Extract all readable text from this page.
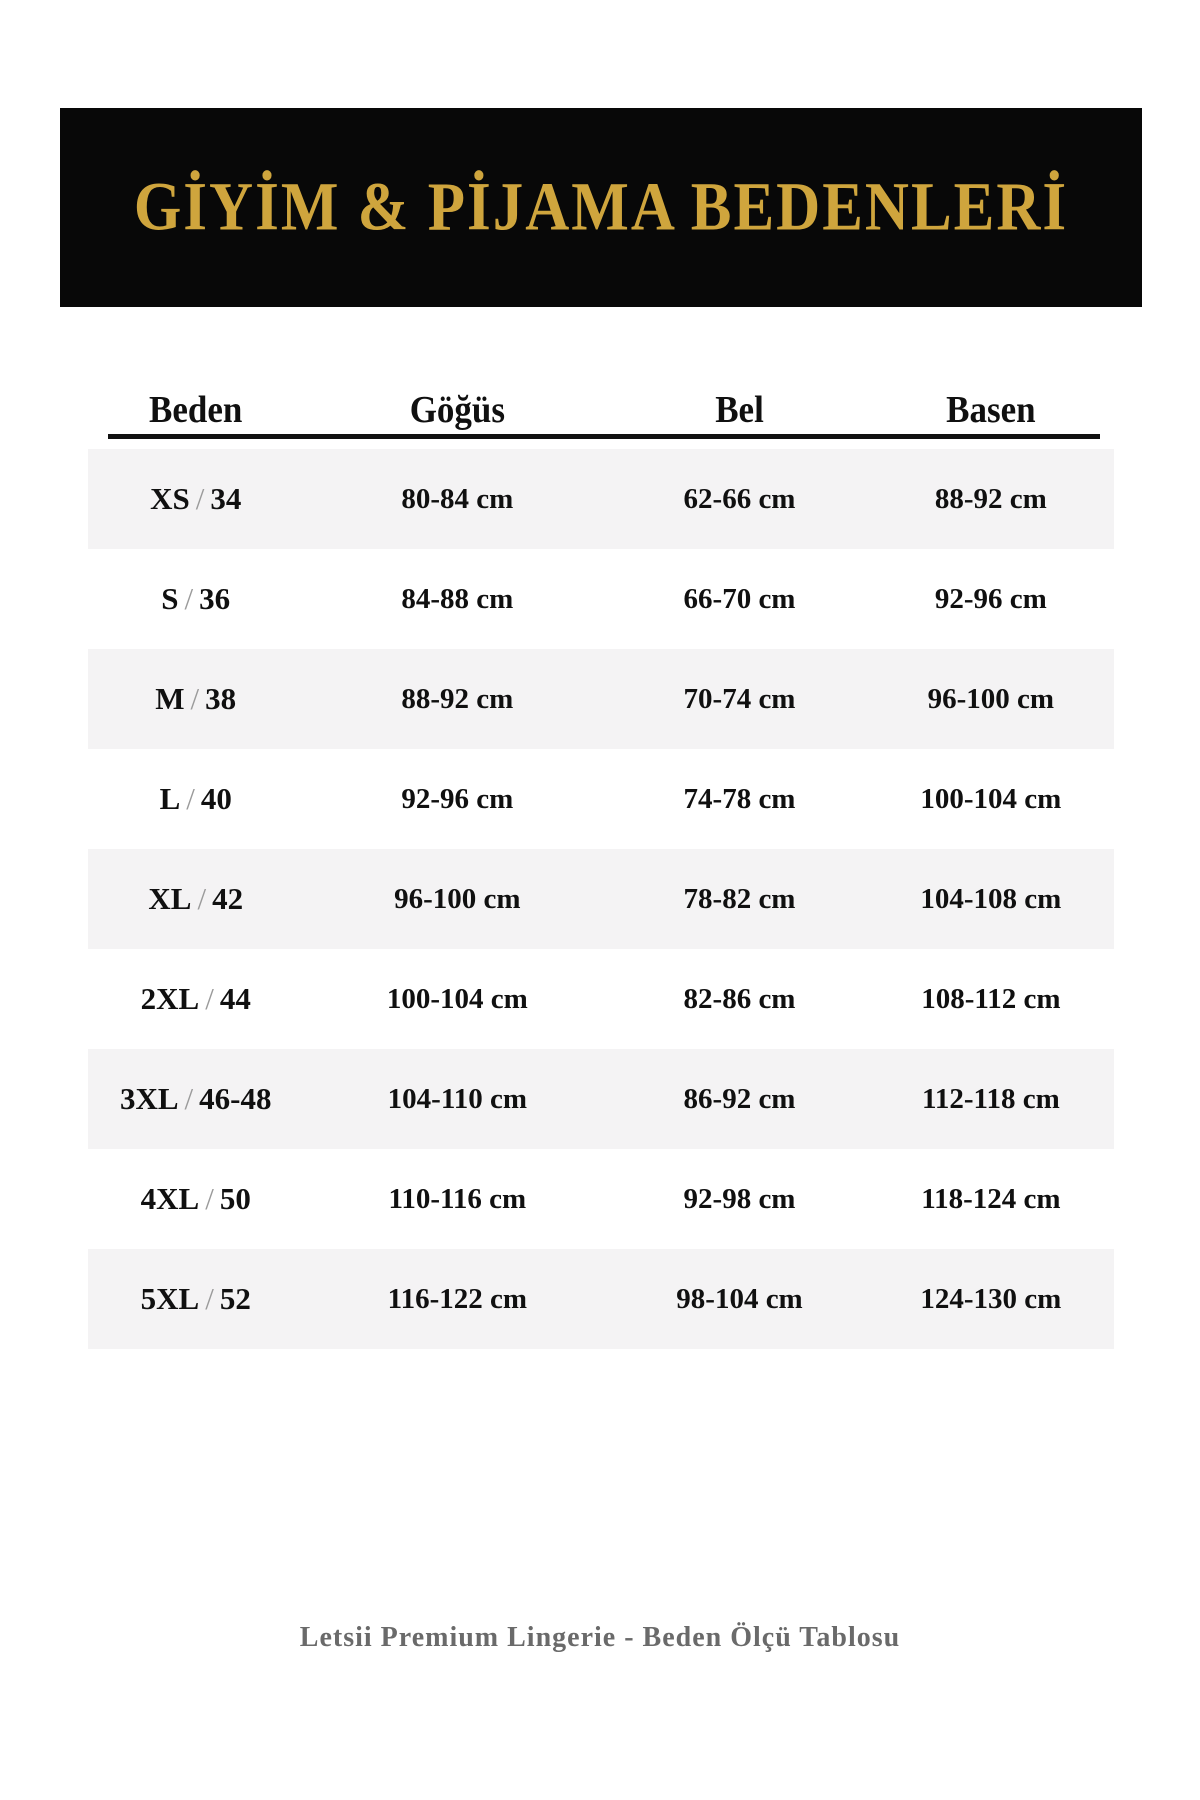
GİYİM & PİJAMA BEDENLERİ
Beden	Göğüs	Bel	Basen
XS / 34	80-84 cm	62-66 cm	88-92 cm
S / 36	84-88 cm	66-70 cm	92-96 cm
M / 38	88-92 cm	70-74 cm	96-100 cm
L / 40	92-96 cm	74-78 cm	100-104 cm
XL / 42	96-100 cm	78-82 cm	104-108 cm
2XL / 44	100-104 cm	82-86 cm	108-112 cm
3XL / 46-48	104-110 cm	86-92 cm	112-118 cm
4XL / 50	110-116 cm	92-98 cm	118-124 cm
5XL / 52	116-122 cm	98-104 cm	124-130 cm
Letsii Premium Lingerie - Beden Ölçü Tablosu
